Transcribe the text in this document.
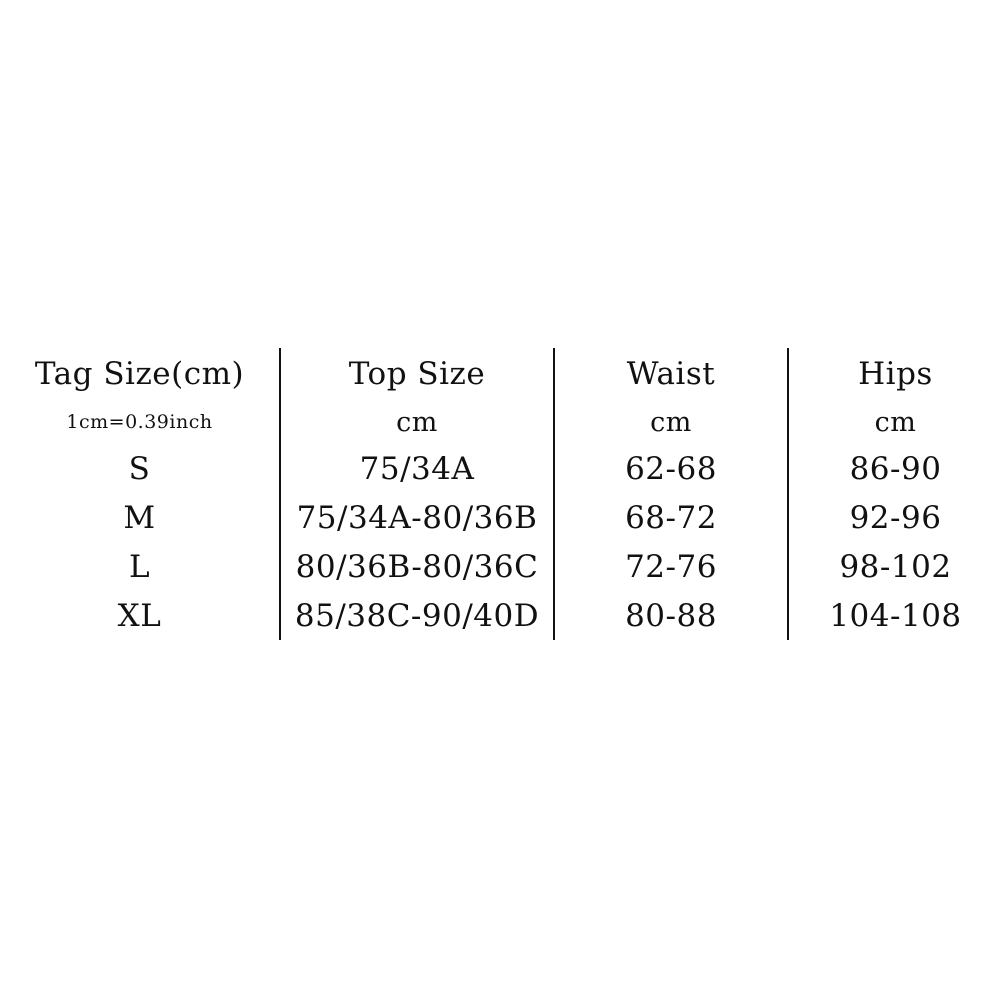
Tag Size(cm)	Top Size	Waist	Hips
1cm=0.39inch	cm	cm	cm
S	75/34A	62-68	86-90
M	75/34A-80/36B	68-72	92-96
L	80/36B-80/36C	72-76	98-102
XL	85/38C-90/40D	80-88	104-108
